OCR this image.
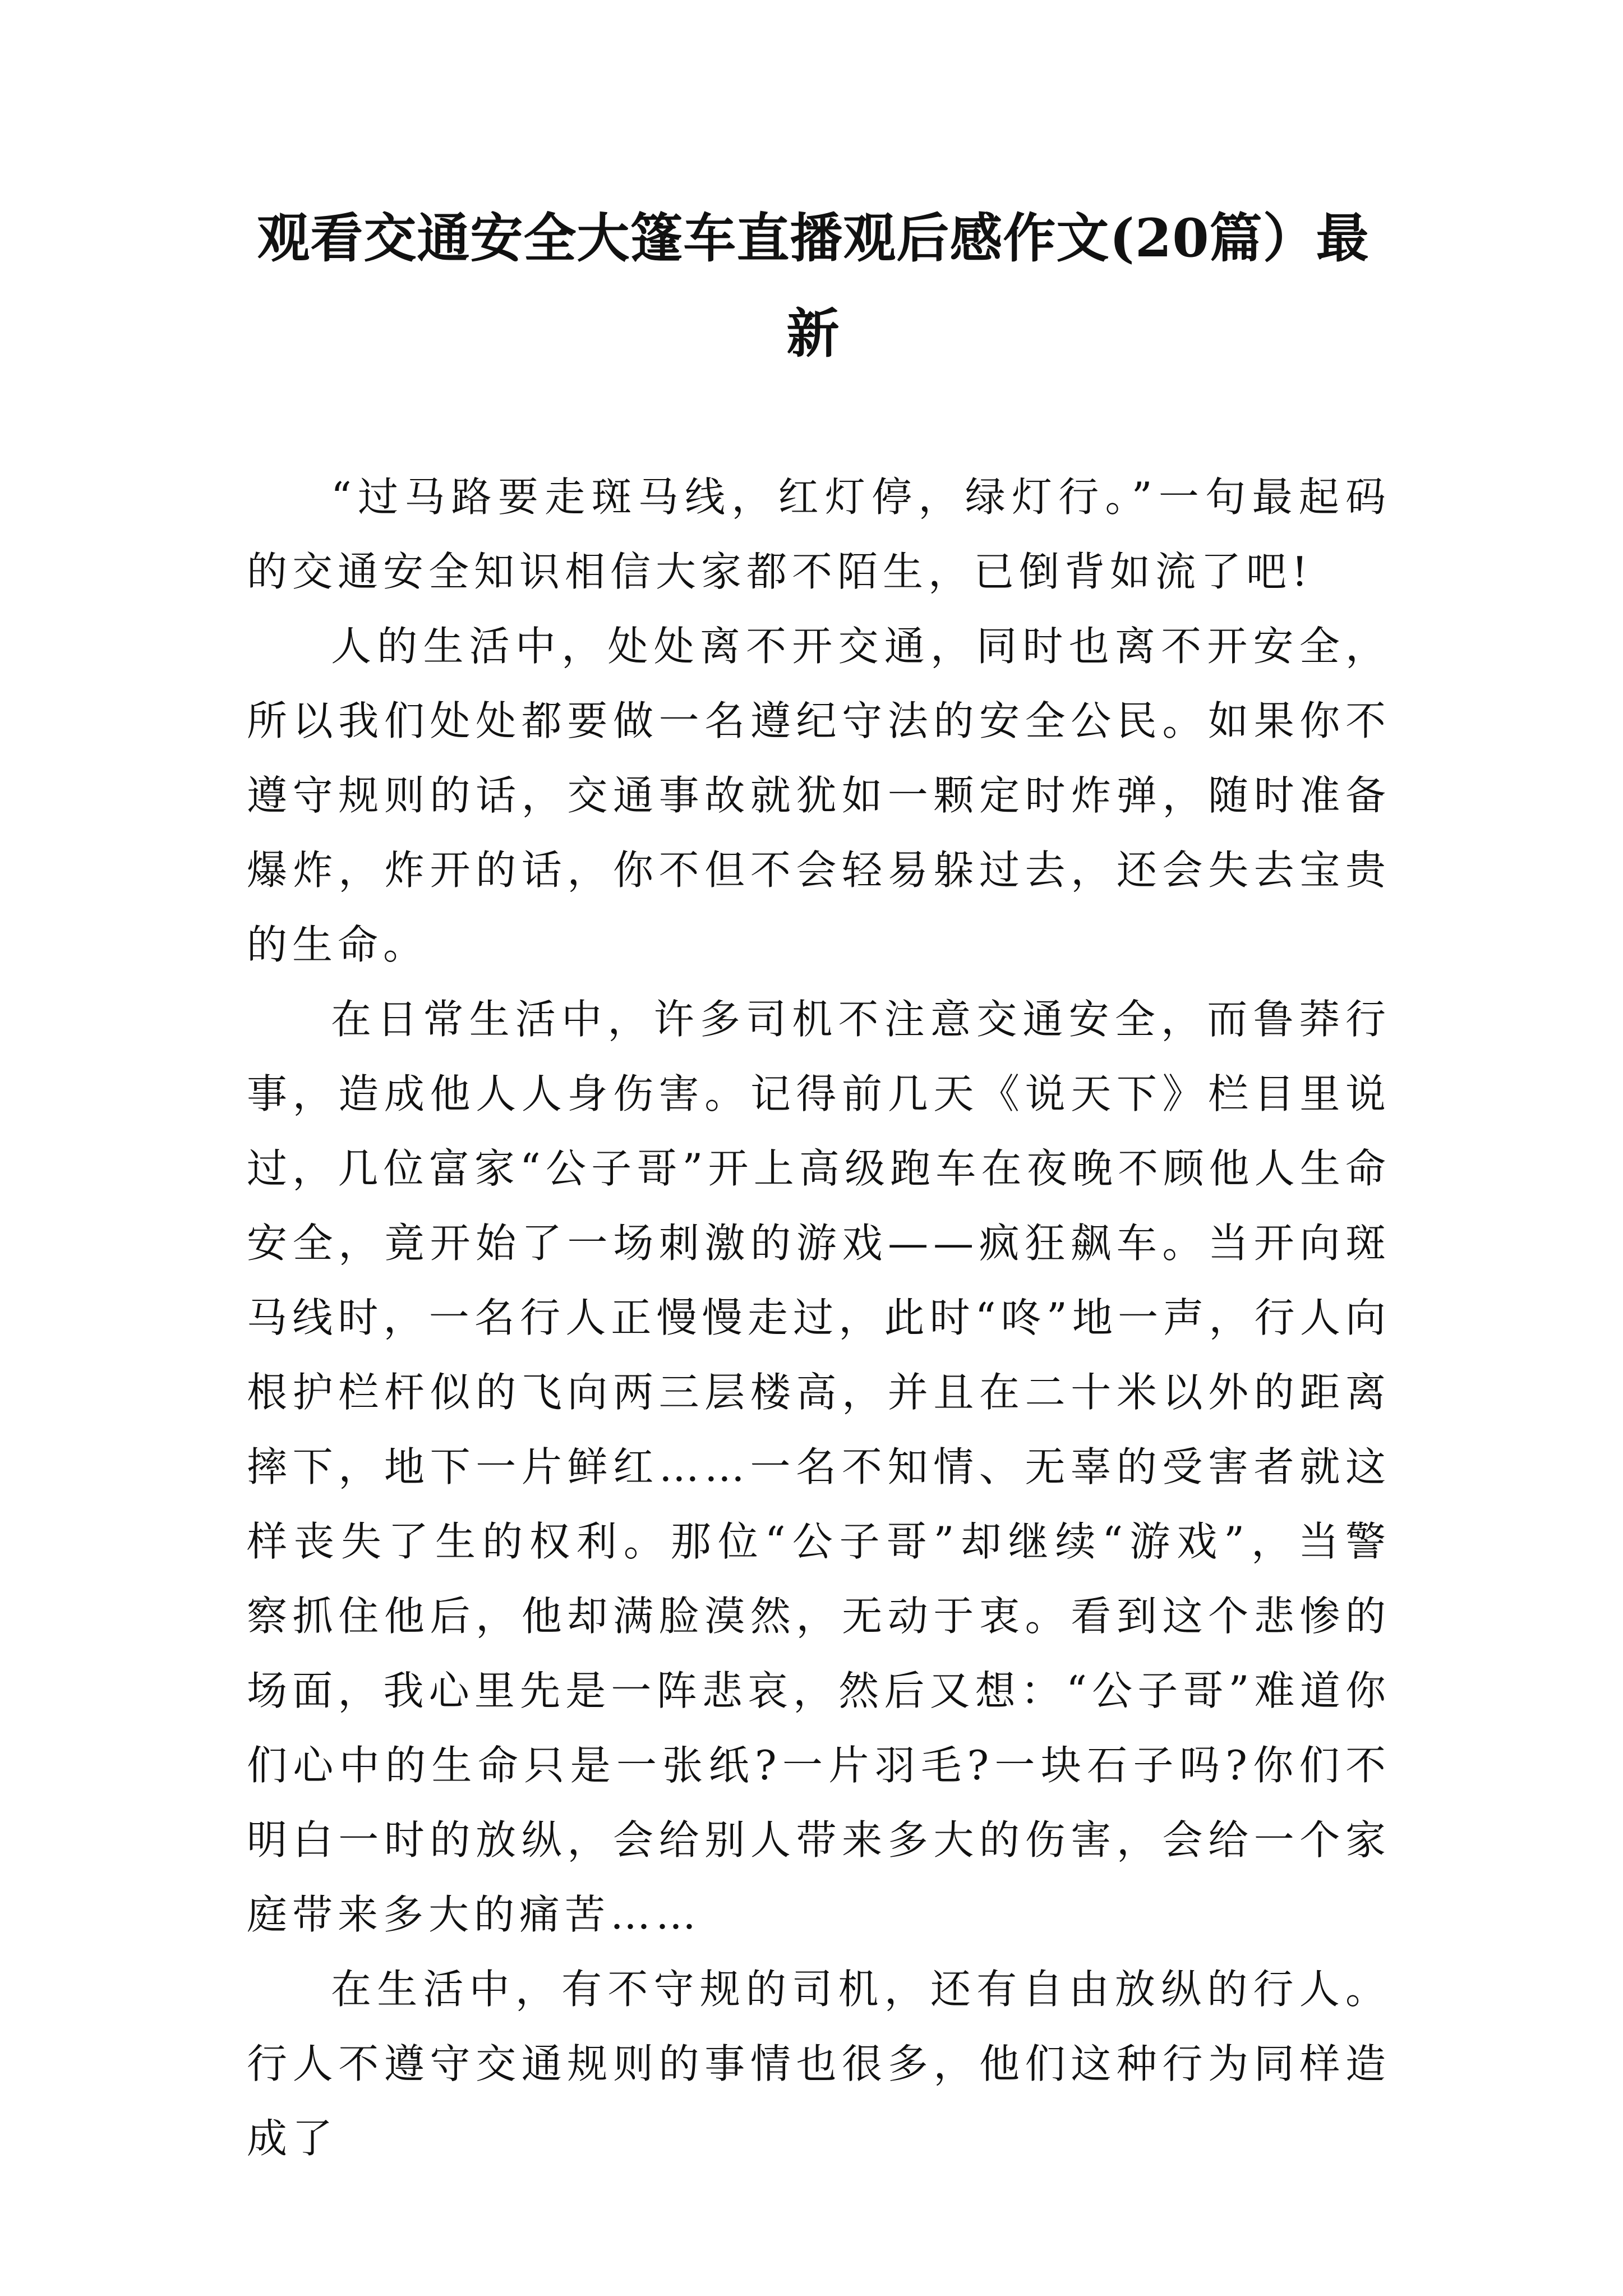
观看交通安全大篷车直播观后感作文(20篇）最新

“过马路要走斑马线，红灯停，绿灯行。”一句最起码的交通安全知识相信大家都不陌生，已倒背如流了吧!

人的生活中，处处离不开交通，同时也离不开安全，所以我们处处都要做一名遵纪守法的安全公民。如果你不遵守规则的话，交通事故就犹如一颗定时炸弹，随时准备爆炸，炸开的话，你不但不会轻易躲过去，还会失去宝贵的生命。

在日常生活中，许多司机不注意交通安全，而鲁莽行事，造成他人人身伤害。记得前几天《说天下》栏目里说过，几位富家“公子哥”开上高级跑车在夜晚不顾他人生命安全，竟开始了一场刺激的游戏——疯狂飙车。当开向斑马线时，一名行人正慢慢走过，此时“咚”地一声，行人向根护栏杆似的飞向两三层楼高，并且在二十米以外的距离摔下，地下一片鲜红……一名不知情、无辜的受害者就这样丧失了生的权利。那位“公子哥”却继续“游戏”，当警察抓住他后，他却满脸漠然，无动于衷。看到这个悲惨的场面，我心里先是一阵悲哀，然后又想：“公子哥”难道你们心中的生命只是一张纸?一片羽毛?一块石子吗?你们不明白一时的放纵，会给别人带来多大的伤害，会给一个家庭带来多大的痛苦……

在生活中，有不守规的司机，还有自由放纵的行人。行人不遵守交通规则的事情也很多，他们这种行为同样造成了
